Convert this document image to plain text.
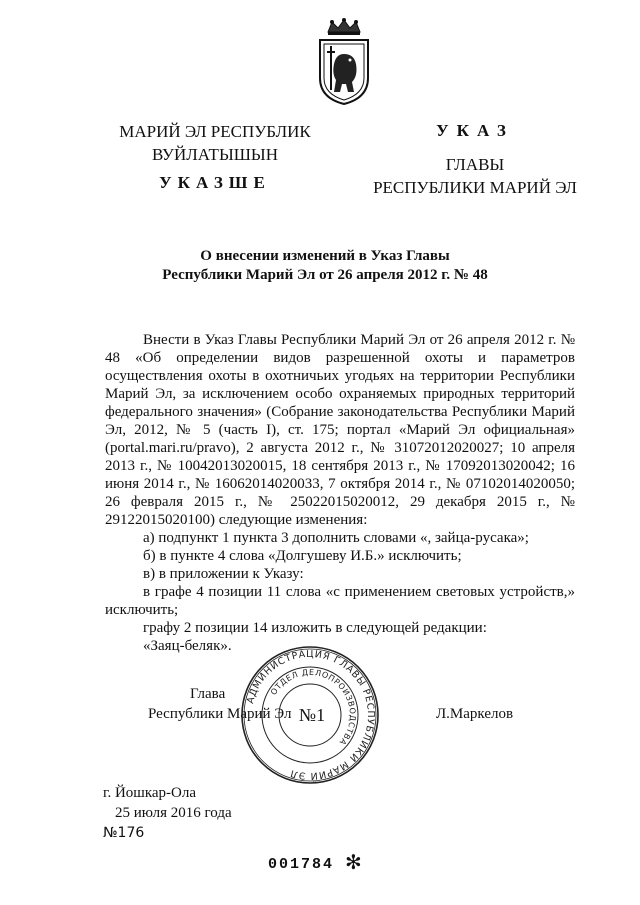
МАРИЙ ЭЛ РЕСПУБЛИК
ВУЙЛАТЫШЫН
УКАЗШЕ
УКАЗ
ГЛАВЫ
РЕСПУБЛИКИ МАРИЙ ЭЛ
О внесении изменений в Указ Главы
Республики Марий Эл от 26 апреля 2012 г. № 48

Внести в Указ Главы Республики Марий Эл от 26 апреля 2012 г. № 48 «Об определении видов разрешенной охоты и параметров осуществления охоты в охотничьих угодьях на территории Республики Марий Эл, за исключением особо охраняемых природных территорий федерального значения» (Собрание законодательства Республики Марий Эл, 2012, № 5 (часть I), ст. 175; портал «Марий Эл официальная» (portal.mari.ru/pravo), 2 августа 2012 г., № 31072012020027; 10 апреля 2013 г., № 10042013020015, 18 сентября 2013 г., № 17092013020042; 16 июня 2014 г., № 16062014020033, 7 октября 2014 г., № 07102014020050; 26 февраля 2015 г., № 25022015020012, 29 декабря 2015 г., № 29122015020100) следующие изменения:

а) подпункт 1 пункта 3 дополнить словами «, зайца-русака»;

б) в пункте 4 слова «Долгушеву И.Б.» исключить;

в) в приложении к Указу:

в графе 4 позиции 11 слова «с применением световых устройств,» исключить;

графу 2 позиции 14 изложить в следующей редакции:

«Заяц-беляк».

Глава
Республики Марий Эл	Л.Маркелов
АДМИНИСТРАЦИЯ ГЛАВЫ РЕСПУБЛИКИ МАРИЙ ЭЛ
ОТДЕЛ ДЕЛОПРОИЗВОДСТВА
№1
г. Йошкар-Ола
25 июля 2016 года
№176
001784 ✻
